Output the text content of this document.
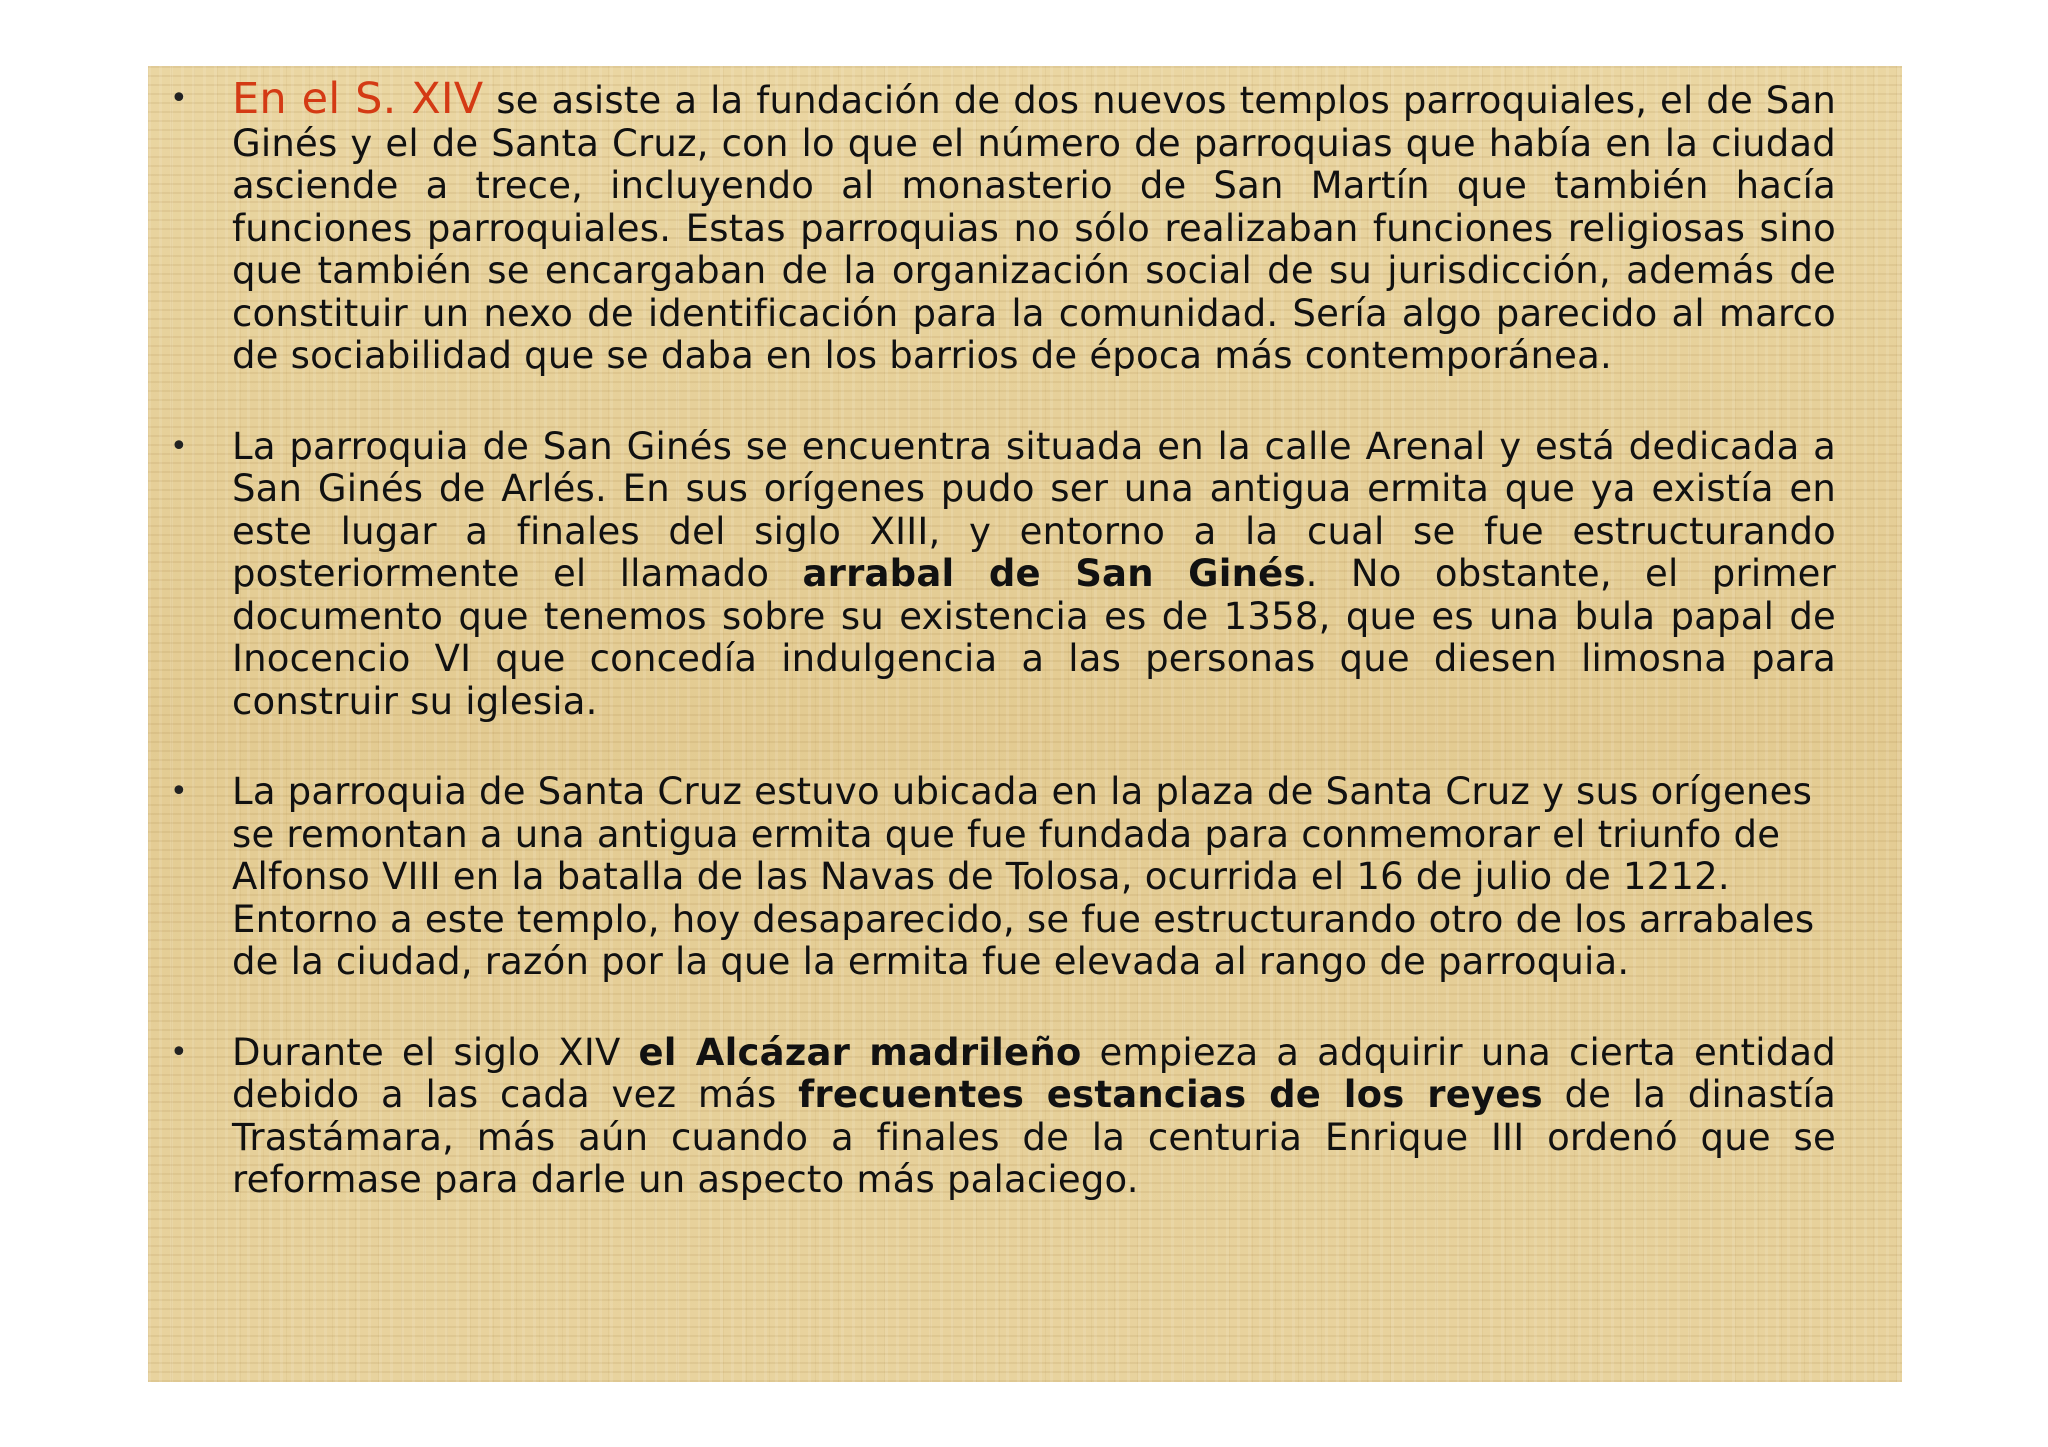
• En el S. XIV se asiste a la fundación de dos nuevos templos parroquiales, el de San Ginés y el de Santa Cruz, con lo que el número de parroquias que había en la ciudad asciende a trece, incluyendo al monasterio de San Martín que también hacía funciones parroquiales. Estas parroquias no sólo realizaban funciones religiosas sino que también se encargaban de la organización social de su jurisdicción, además de constituir un nexo de identificación para la comunidad. Sería algo parecido al marco de sociabilidad que se daba en los barrios de época más contemporánea.
• La parroquia de San Ginés se encuentra situada en la calle Arenal y está dedicada a San Ginés de Arlés. En sus orígenes pudo ser una antigua ermita que ya existía en este lugar a finales del siglo XIII, y entorno a la cual se fue estructurando posteriormente el llamado arrabal de San Ginés. No obstante, el primer documento que tenemos sobre su existencia es de 1358, que es una bula papal de Inocencio VI que concedía indulgencia a las personas que diesen limosna para construir su iglesia.
• La parroquia de Santa Cruz estuvo ubicada en la plaza de Santa Cruz y sus orígenes se remontan a una antigua ermita que fue fundada para conmemorar el triunfo de Alfonso VIII en la batalla de las Navas de Tolosa, ocurrida el 16 de julio de 1212. Entorno a este templo, hoy desaparecido, se fue estructurando otro de los arrabales de la ciudad, razón por la que la ermita fue elevada al rango de parroquia.
• Durante el siglo XIV el Alcázar madrileño empieza a adquirir una cierta entidad debido a las cada vez más frecuentes estancias de los reyes de la dinastía Trastámara, más aún cuando a finales de la centuria Enrique III ordenó que se reformase para darle un aspecto más palaciego.
